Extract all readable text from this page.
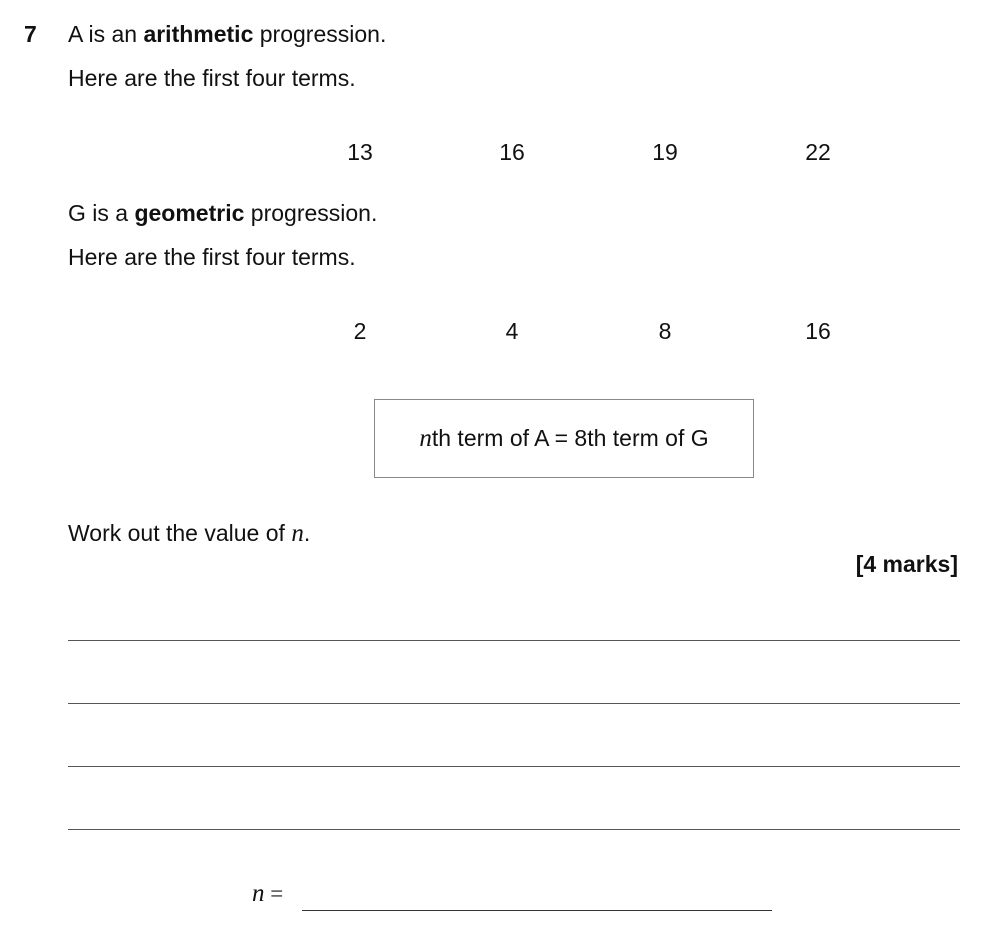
7 A is an arithmetic progression.
Here are the first four terms.
13	16	19	22
G is a geometric progression.
Here are the first four terms.
2	4	8	16
nth term of A = 8th term of G
Work out the value of n.
[4 marks]
n =
